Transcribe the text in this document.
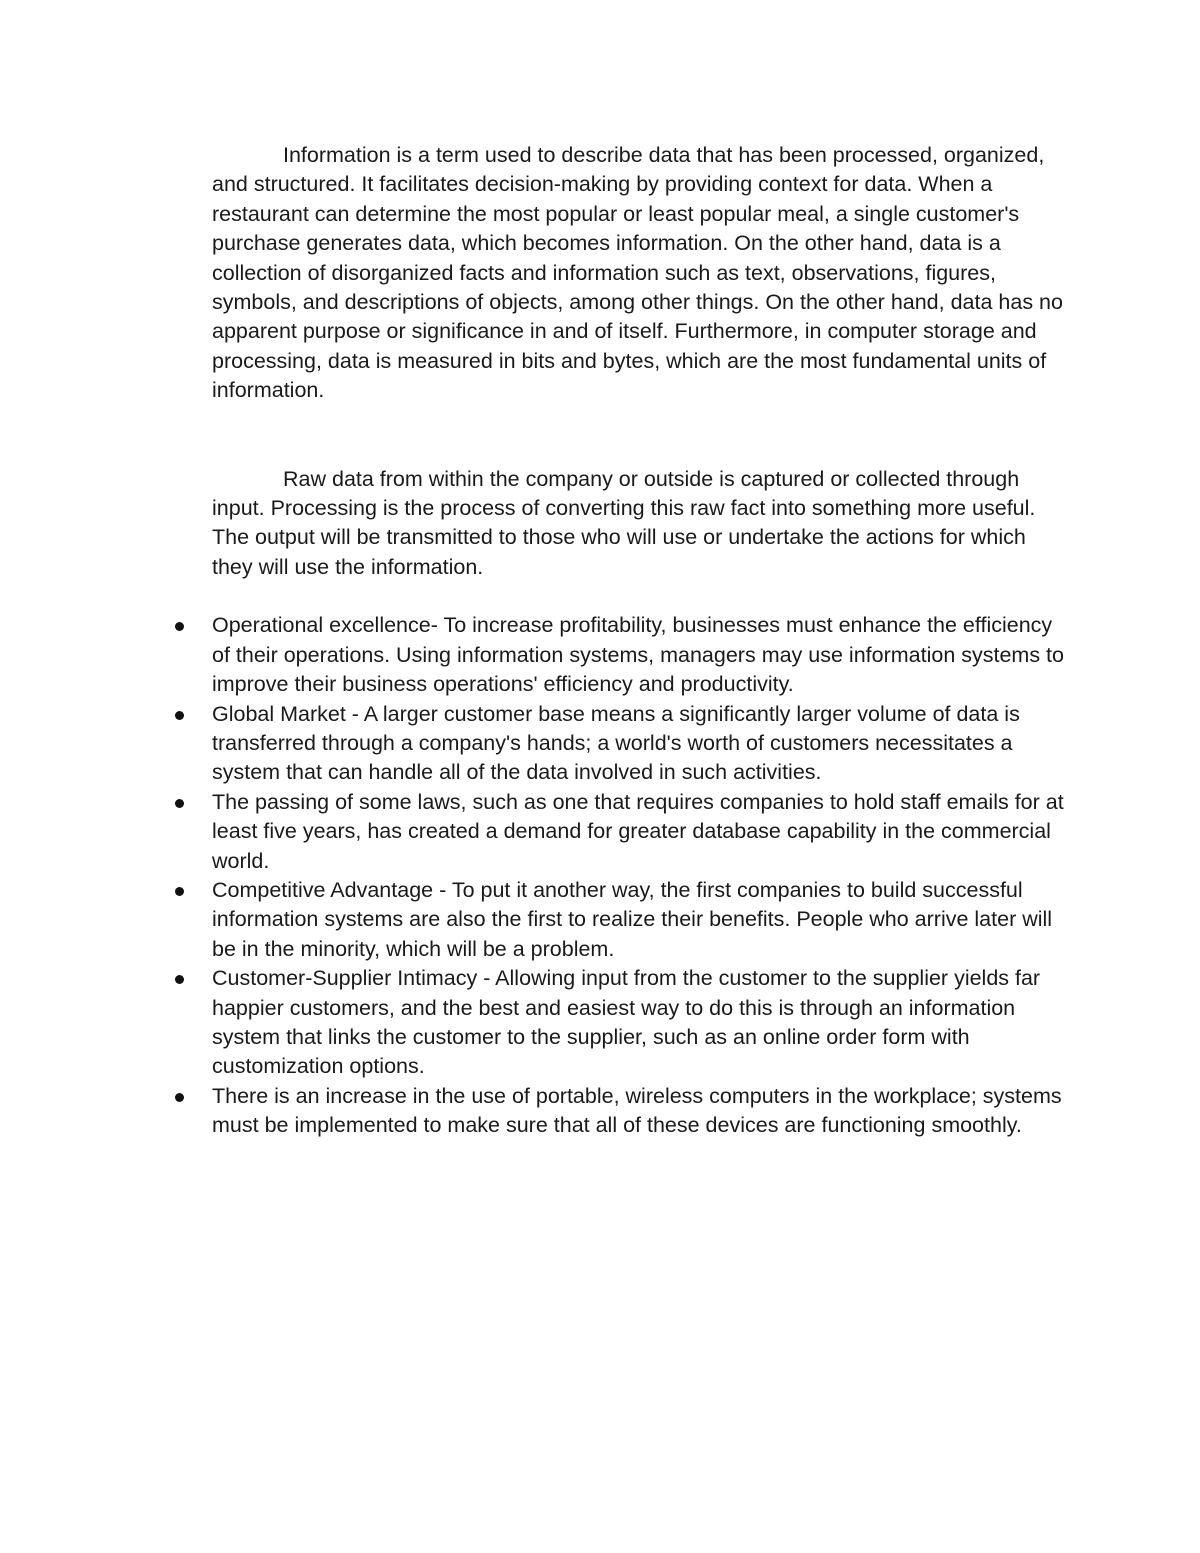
Information is a term used to describe data that has been processed, organized, and structured. It facilitates decision-making by providing context for data. When a restaurant can determine the most popular or least popular meal, a single customer's purchase generates data, which becomes information. On the other hand, data is a collection of disorganized facts and information such as text, observations, figures, symbols, and descriptions of objects, among other things. On the other hand, data has no apparent purpose or significance in and of itself. Furthermore, in computer storage and processing, data is measured in bits and bytes, which are the most fundamental units of information.

Raw data from within the company or outside is captured or collected through input. Processing is the process of converting this raw fact into something more useful. The output will be transmitted to those who will use or undertake the actions for which they will use the information.

Operational excellence- To increase profitability, businesses must enhance the efficiency of their operations. Using information systems, managers may use information systems to improve their business operations' efficiency and productivity.
Global Market - A larger customer base means a significantly larger volume of data is transferred through a company's hands; a world's worth of customers necessitates a system that can handle all of the data involved in such activities.
The passing of some laws, such as one that requires companies to hold staff emails for at least five years, has created a demand for greater database capability in the commercial world.
Competitive Advantage - To put it another way, the first companies to build successful information systems are also the first to realize their benefits. People who arrive later will be in the minority, which will be a problem.
Customer-Supplier Intimacy - Allowing input from the customer to the supplier yields far happier customers, and the best and easiest way to do this is through an information system that links the customer to the supplier, such as an online order form with customization options.
There is an increase in the use of portable, wireless computers in the workplace; systems must be implemented to make sure that all of these devices are functioning smoothly.
